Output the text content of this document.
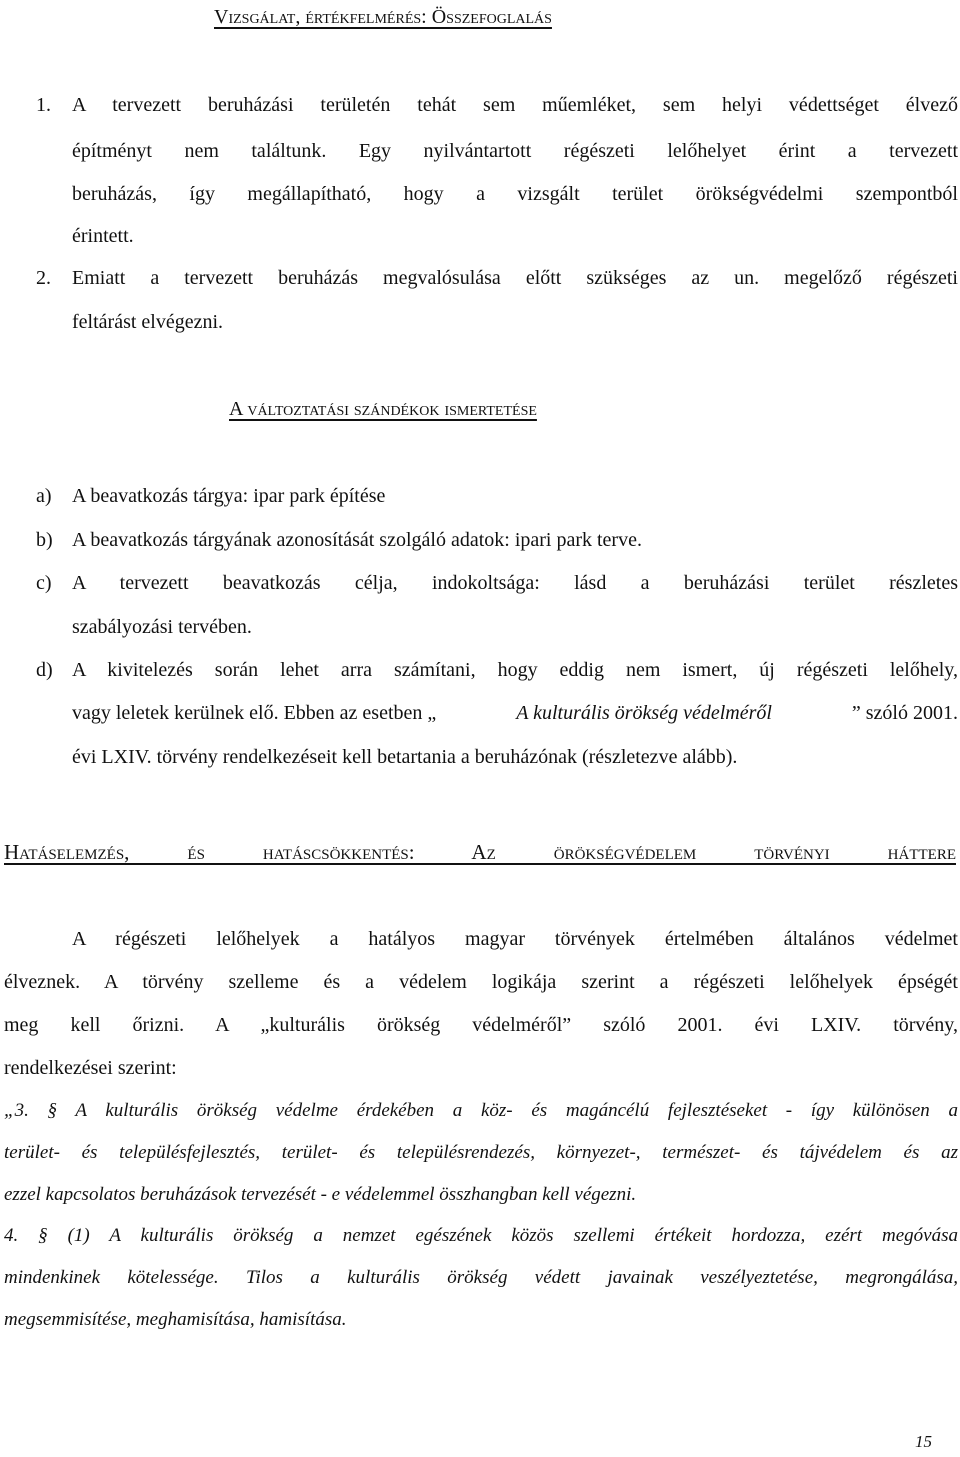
Vizsgálat, értékfelmérés: Összefoglalás
1.	A tervezett beruházási területén tehát sem műemléket, sem helyi védettséget élvező
építményt nem találtunk. Egy nyilvántartott régészeti lelőhelyet érint a tervezett
beruházás, így megállapítható, hogy a vizsgált terület örökségvédelmi szempontból
érintett.
2.	Emiatt a tervezett beruházás megvalósulása előtt szükséges az un. megelőző régészeti
feltárást elvégezni.
A változtatási szándékok ismertetése
a) A beavatkozás tárgya: ipar park építése
b) A beavatkozás tárgyának azonosítását szolgáló adatok: ipari park terve.
c) A tervezett beavatkozás célja, indokoltsága: lásd a beruházási terület részletes
szabályozási tervében.
d) A kivitelezés során lehet arra számítani, hogy eddig nem ismert, új régészeti lelőhely,
vagy leletek kerülnek elő. Ebben az esetben „	A kulturális örökség védelméről	” szóló 2001.
évi LXIV. törvény rendelkezéseit kell betartania a beruházónak (részletezve alább).
Hatáselemzés, és hatáscsökkentés: Az örökségvédelem törvényi háttere
A régészeti lelőhelyek a hatályos magyar törvények értelmében általános védelmet
élveznek. A törvény szelleme és a védelem logikája szerint a régészeti lelőhelyek épségét
meg kell őrizni. A „kulturális örökség védelméről” szóló 2001. évi LXIV. törvény,
rendelkezései szerint:
„3. § A kulturális örökség védelme érdekében a köz- és magáncélú fejlesztéseket - így különösen a
terület- és településfejlesztés, terület- és településrendezés, környezet-, természet- és tájvédelem és az
ezzel kapcsolatos beruházások tervezését - e védelemmel összhangban kell végezni.
4. § (1) A kulturális örökség a nemzet egészének közös szellemi értékeit hordozza, ezért megóvása
mindenkinek kötelessége. Tilos a kulturális örökség védett javainak veszélyeztetése, megrongálása,
megsemmisítése, meghamisítása, hamisítása.
15
